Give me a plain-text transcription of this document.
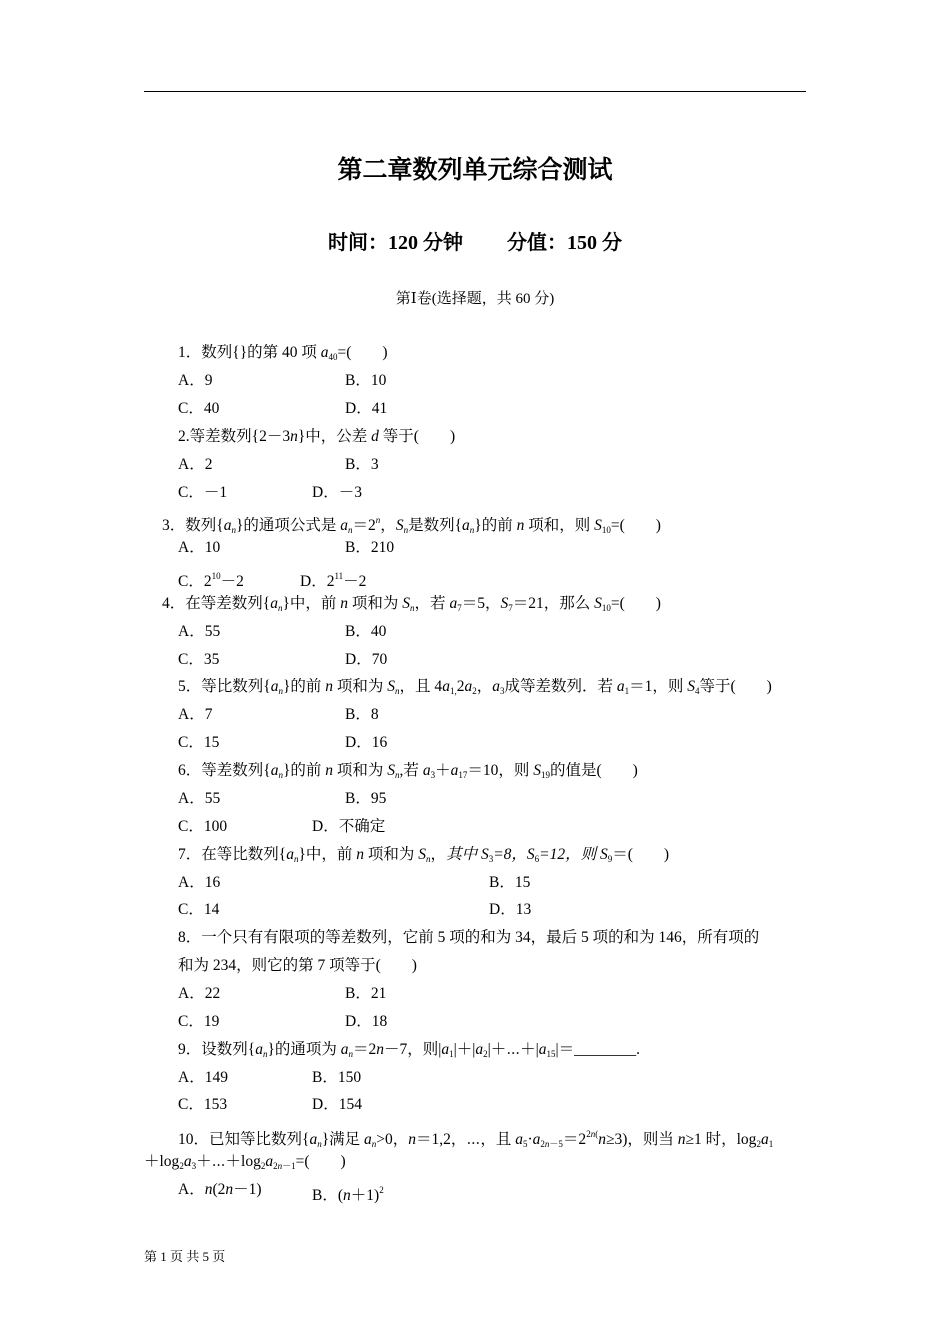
第二章数列单元综合测试
时间：120 分钟 分值：150 分
第Ⅰ卷(选择题，共 60 分)
1．数列{}的第 40 项 $a_{40}=$(　　)
A．9	B．10
C．40	D．41
2.等差数列{2－3n}中，公差 d 等于(　　)
A．2	B．3
C．－1	D．－3
3．数列$\{a_n\}$的通项公式是 $a_n=2^n$，$S_n$是数列$\{a_n\}$的前 n 项和，则 $S_{10}=$(　　)
A．10	B．210
C．$2^{10}-2$	D．$2^{11}-2$
4．在等差数列$\{a_n\}$中，前 n 项和为 $S_n$，若 $a_7=5$，$S_7=21$，那么 $S_{10}=$(　　)
A．55	B．40
C．35	D．70
5．等比数列$\{a_n\}$的前 n 项和为 $S_n$，且 $4a_{1,}2a_2$，$a_3$成等差数列．若 $a_1=1$，则 $S_4$等于(　　)
A．7	B．8
C．15	D．16
6．等差数列$\{a_n\}$的前 n 项和为 $S_n$,若 $a_3+a_{17}=10$，则 $S_{19}$的值是(　　)
A．55	B．95
C．100	D．不确定
7．在等比数列$\{a_n\}$中，前 n 项和为 $S_n$，其中 $S_3=8$，$S_6=12$，则 $S_9=$(　　)
A．16	B．15
C．14	D．13
8．一个只有有限项的等差数列，它前 5 项的和为 34，最后 5 项的和为 146，所有项的
和为 234，则它的第 7 项等于(　　)
A．22	B．21
C．19	D．18
9．设数列$\{a_n\}$的通项为 $a_n=2n-7$，则$|a_1|+|a_2|+\cdots+|a_{15}|=\_\_\_\_\_\_\_\_$.
A．149	B．150
C．153	D．154
10．已知等比数列$\{a_n\}$满足 $a_n>0$，n＝1,2，⋯，且 $a_5\cdot a_{2n-5}=2^{2n(}n\ge 3$)，则当 n≥1 时，$\log_2a_1$
$+\log_2a_3+\cdots+\log_2a_{2n-1}=$(　　)
A．n(2n－1)	B．$(n+1)^2$
第 1 页 共 5 页
